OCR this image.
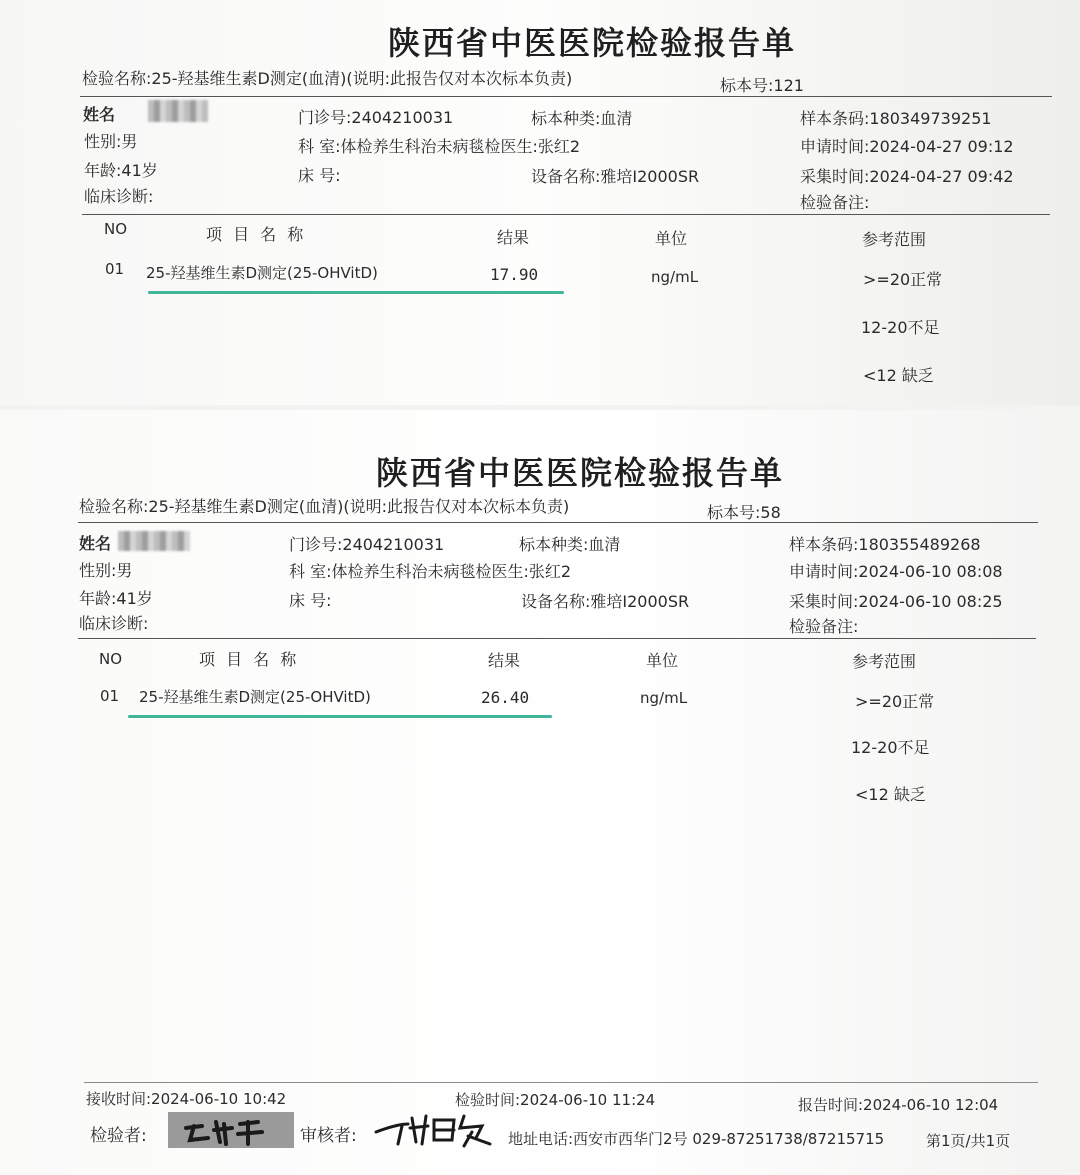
陕西省中医医院检验报告单
检验名称:25-羟基维生素D测定(血清)(说明:此报告仅对本次标本负责)	标本号:121
姓名
性别:男
年龄:41岁
临床诊断:
门诊号:2404210031
科 室:体检养生科治未病毯检医生:张红2
床 号:
标本种类:血清
设备名称:雅培I2000SR
样本条码:180349739251
申请时间:2024-04-27 09:12
采集时间:2024-04-27 09:42
检验备注:
NO	项 目 名 称	结果	单位	参考范围
01 25-羟基维生素D测定(25-OHVitD)	17.90	ng/mL	>=20正常
12-20不足
<12 缺乏
陕西省中医医院检验报告单
检验名称:25-羟基维生素D测定(血清)(说明:此报告仅对本次标本负责)	标本号:58
姓名
性别:男
年龄:41岁
临床诊断:
门诊号:2404210031
科 室:体检养生科治未病毯检医生:张红2
床 号:
标本种类:血清
设备名称:雅培I2000SR
样本条码:180355489268
申请时间:2024-06-10 08:08
采集时间:2024-06-10 08:25
检验备注:
NO	项 目 名 称	结果	单位	参考范围
01 25-羟基维生素D测定(25-OHVitD)	26.40	ng/mL	>=20正常
12-20不足
<12 缺乏
接收时间:2024-06-10 10:42	检验时间:2024-06-10 11:24	报告时间:2024-06-10 12:04
检验者:	审核者:	地址电话:西安市西华门2号 029-87251738/87215715	第1页/共1页
